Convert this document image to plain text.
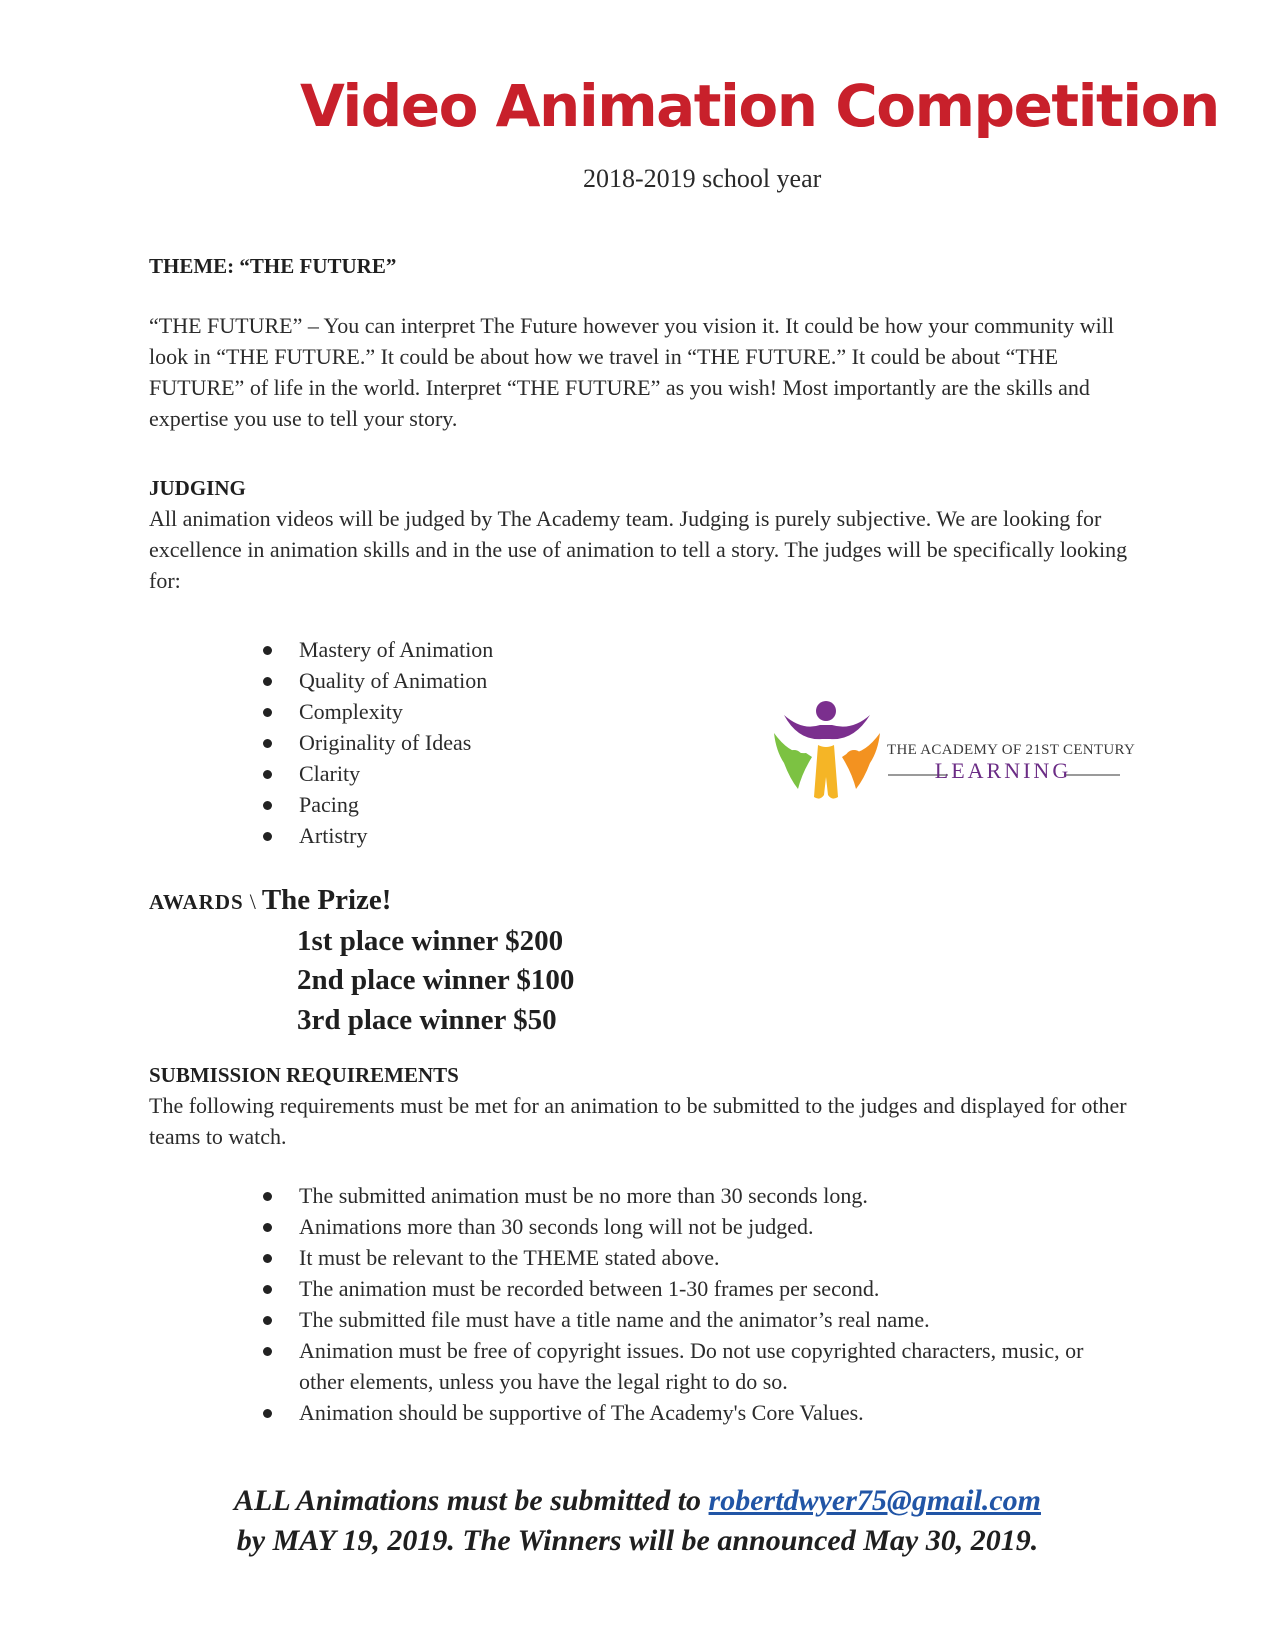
Video Animation Competition

2018-2019 school year

THEME: “THE FUTURE”

“THE FUTURE” – You can interpret The Future however you vision it. It could be how your community will look in “THE FUTURE.” It could be about how we travel in “THE FUTURE.” It could be about “THE FUTURE” of life in the world. Interpret “THE FUTURE” as you wish! Most importantly are the skills and expertise you use to tell your story.

JUDGING

All animation videos will be judged by The Academy team. Judging is purely subjective. We are looking for excellence in animation skills and in the use of animation to tell a story. The judges will be specifically looking for:

Mastery of Animation
Quality of Animation
Complexity
Originality of Ideas
Clarity
Pacing
Artistry
THE ACADEMY OF 21ST CENTURY
LEARNING

AWARDS \ The Prize!

1st place winner $200

2nd place winner $100

3rd place winner $50

SUBMISSION REQUIREMENTS

The following requirements must be met for an animation to be submitted to the judges and displayed for other teams to watch.

The submitted animation must be no more than 30 seconds long.
Animations more than 30 seconds long will not be judged.
It must be relevant to the THEME stated above.
The animation must be recorded between 1-30 frames per second.
The submitted file must have a title name and the animator’s real name.
Animation must be free of copyright issues. Do not use copyrighted characters, music, or other elements, unless you have the legal right to do so.
Animation should be supportive of The Academy's Core Values.

ALL Animations must be submitted to robertdwyer75@gmail.com

by MAY 19, 2019. The Winners will be announced May 30, 2019.
